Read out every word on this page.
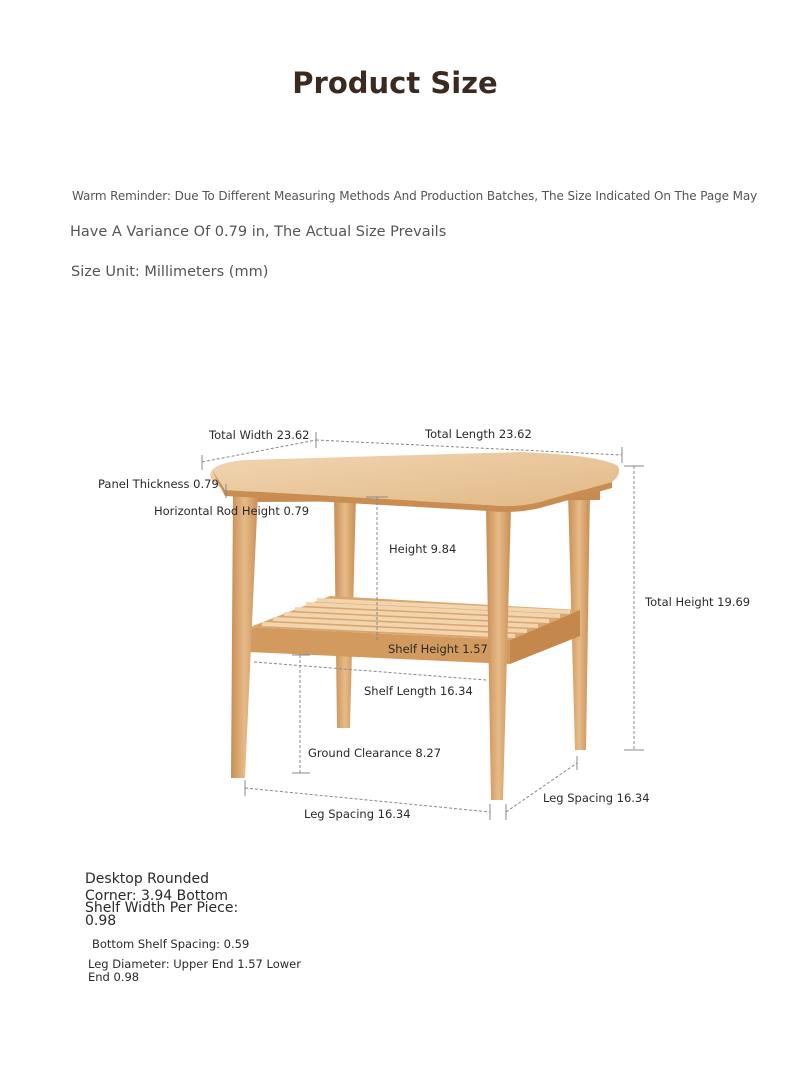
Product Size
Warm Reminder: Due To Different Measuring Methods And Production Batches, The Size Indicated On The Page May
Have A Variance Of 0.79 in, The Actual Size Prevails
Size Unit: Millimeters (mm)
Total Width 23.62	Total Length 23.62
Panel Thickness 0.79
Horizontal Rod Height 0.79
Height 9.84
Total Height 19.69
Shelf Height 1.57
Shelf Length 16.34
Ground Clearance 8.27
Leg Spacing 16.34
Leg Spacing 16.34
Desktop Rounded
Corner: 3.94 Bottom
Shelf Width Per Piece:
0.98
Bottom Shelf Spacing: 0.59
Leg Diameter: Upper End 1.57 Lower
End 0.98
